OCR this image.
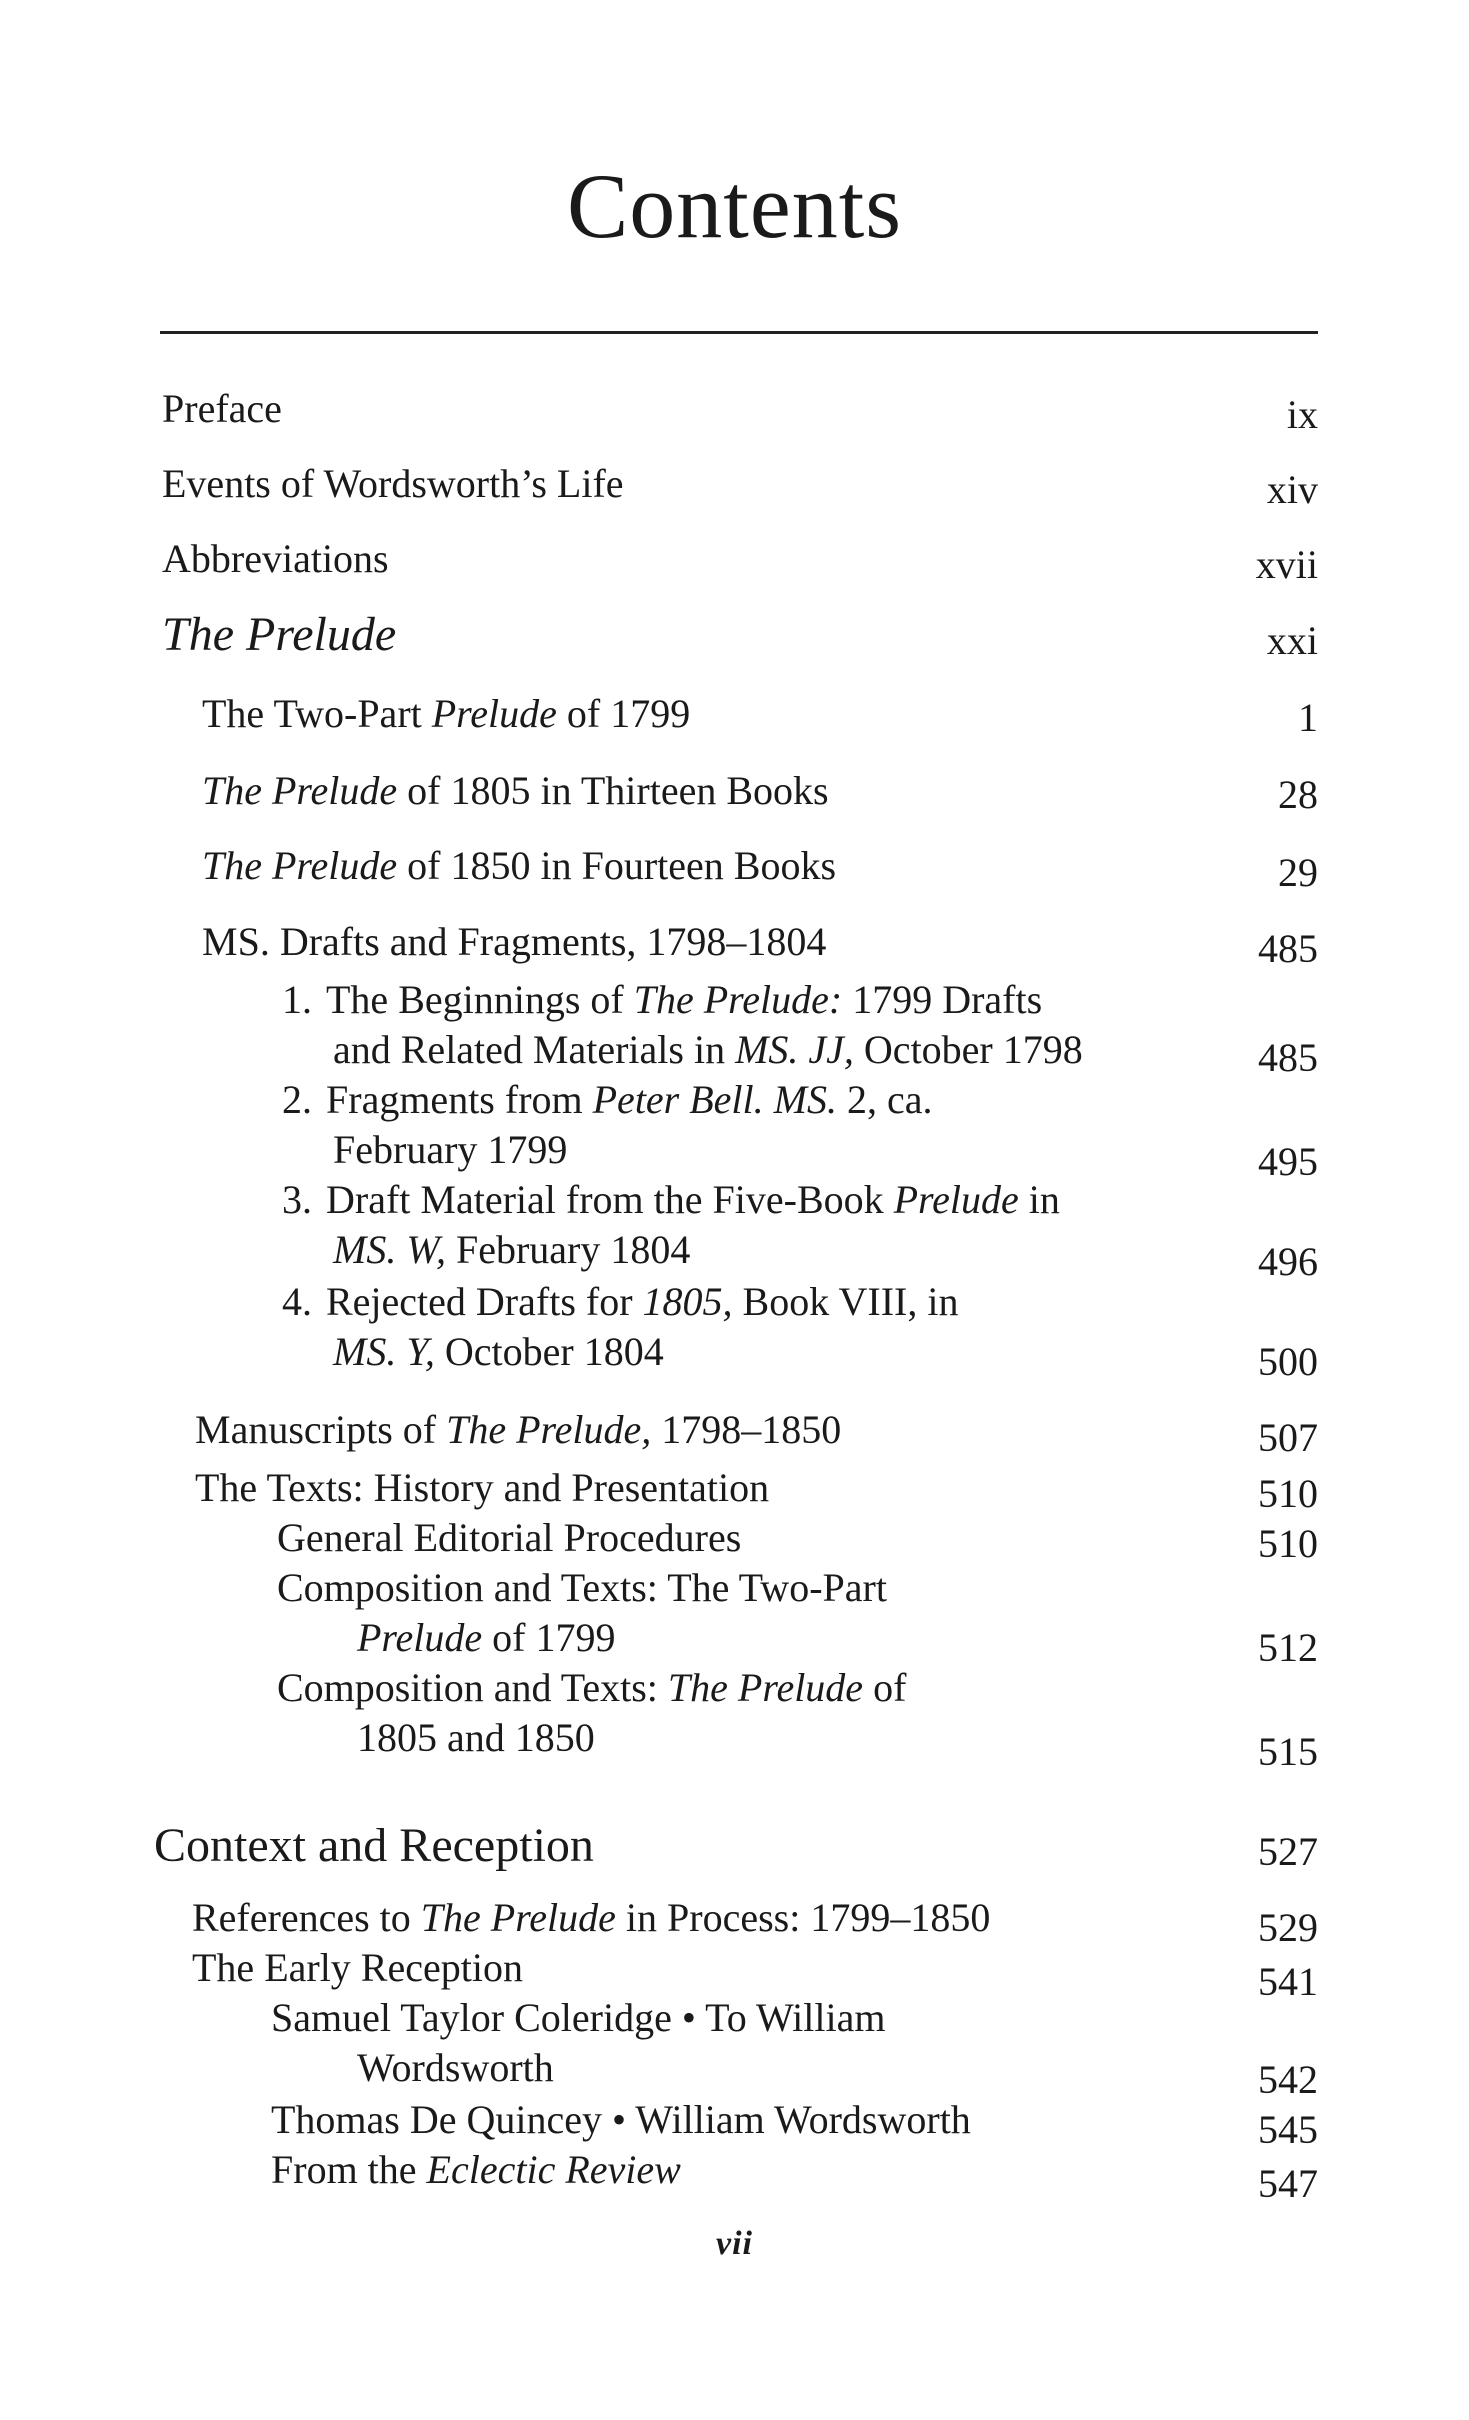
Contents
Preface	ix
Events of Wordsworth’s Life	xiv
Abbreviations	xvii
The Prelude	xxi
The Two-Part Prelude of 1799	1
The Prelude of 1805 in Thirteen Books	28
The Prelude of 1850 in Fourteen Books	29
MS. Drafts and Fragments, 1798–1804	485
1. The Beginnings of The Prelude: 1799 Drafts
and Related Materials in MS. JJ, October 1798	485
2. Fragments from Peter Bell. MS. 2, ca.
February 1799	495
3. Draft Material from the Five-Book Prelude in
MS. W, February 1804	496
4. Rejected Drafts for 1805, Book VIII, in
MS. Y, October 1804	500
Manuscripts of The Prelude, 1798–1850	507
The Texts: History and Presentation	510
General Editorial Procedures	510
Composition and Texts: The Two-Part
Prelude of 1799	512
Composition and Texts: The Prelude of
1805 and 1850	515
Context and Reception	527
References to The Prelude in Process: 1799–1850	529
The Early Reception	541
Samuel Taylor Coleridge • To William
Wordsworth	542
Thomas De Quincey • William Wordsworth	545
From the Eclectic Review	547
vii
